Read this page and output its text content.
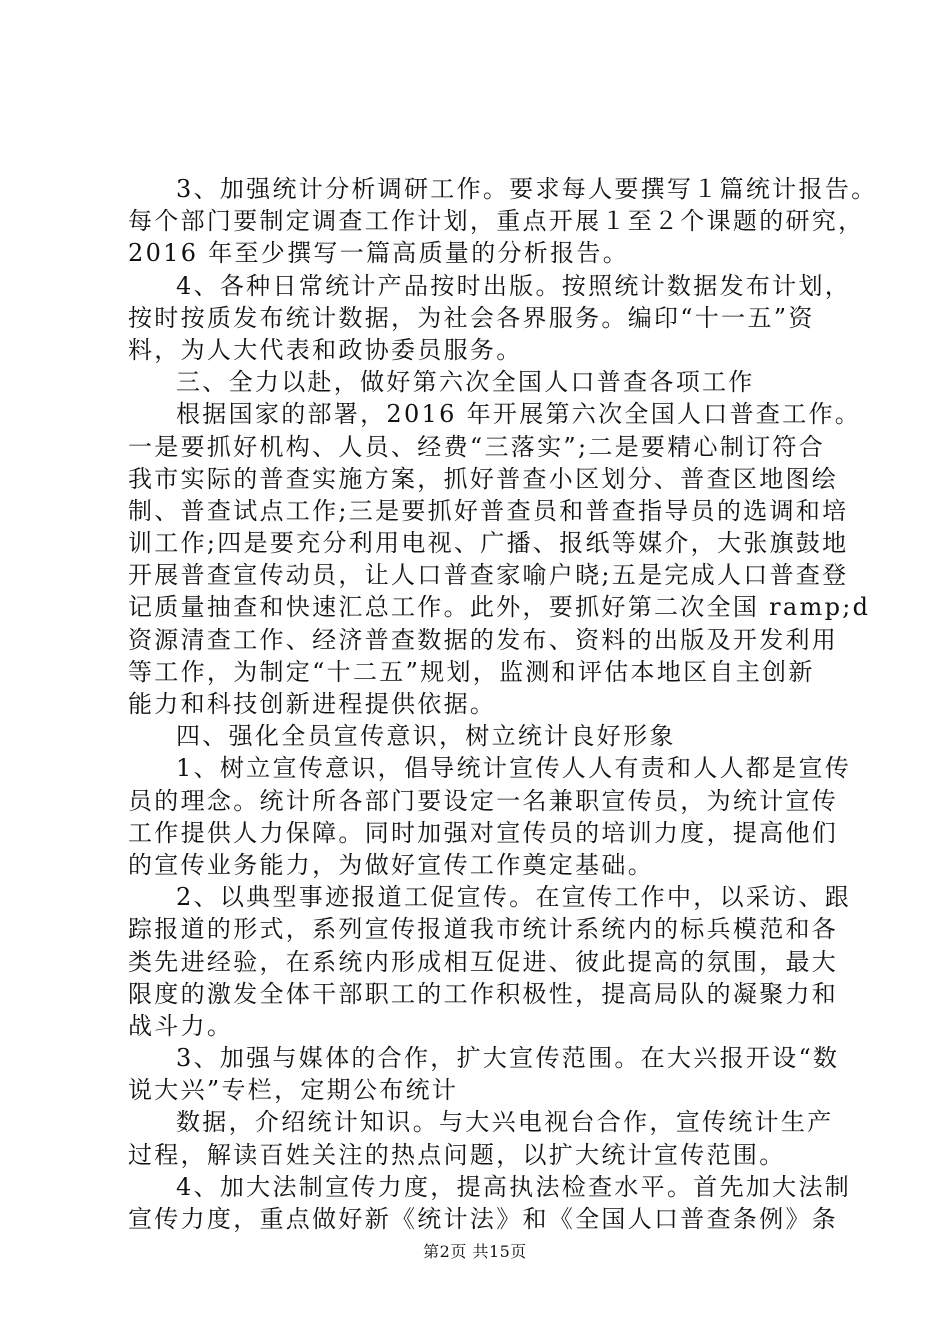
3、加强统计分析调研工作。要求每人要撰写１篇统计报告。
每个部门要制定调查工作计划，重点开展１至２个课题的研究，
2016 年至少撰写一篇高质量的分析报告。
4、各种日常统计产品按时出版。按照统计数据发布计划，
按时按质发布统计数据，为社会各界服务。编印“十一五”资
料，为人大代表和政协委员服务。
三、全力以赴，做好第六次全国人口普查各项工作
根据国家的部署，2016 年开展第六次全国人口普查工作。
一是要抓好机构、人员、经费“三落实”;二是要精心制订符合
我市实际的普查实施方案，抓好普查小区划分、普查区地图绘
制、普查试点工作;三是要抓好普查员和普查指导员的选调和培
训工作;四是要充分利用电视、广播、报纸等媒介，大张旗鼓地
开展普查宣传动员，让人口普查家喻户晓;五是完成人口普查登
记质量抽查和快速汇总工作。此外，要抓好第二次全国 ramp;d
资源清查工作、经济普查数据的发布、资料的出版及开发利用
等工作，为制定“十二五”规划，监测和评估本地区自主创新
能力和科技创新进程提供依据。
四、强化全员宣传意识，树立统计良好形象
1、树立宣传意识，倡导统计宣传人人有责和人人都是宣传
员的理念。统计所各部门要设定一名兼职宣传员，为统计宣传
工作提供人力保障。同时加强对宣传员的培训力度，提高他们
的宣传业务能力，为做好宣传工作奠定基础。
2、以典型事迹报道工促宣传。在宣传工作中，以采访、跟
踪报道的形式，系列宣传报道我市统计系统内的标兵模范和各
类先进经验，在系统内形成相互促进、彼此提高的氛围，最大
限度的激发全体干部职工的工作积极性，提高局队的凝聚力和
战斗力。
3、加强与媒体的合作，扩大宣传范围。在大兴报开设“数
说大兴”专栏，定期公布统计
数据，介绍统计知识。与大兴电视台合作，宣传统计生产
过程，解读百姓关注的热点问题，以扩大统计宣传范围。
4、加大法制宣传力度，提高执法检查水平。首先加大法制
宣传力度，重点做好新《统计法》和《全国人口普查条例》条
第2页 共15页
